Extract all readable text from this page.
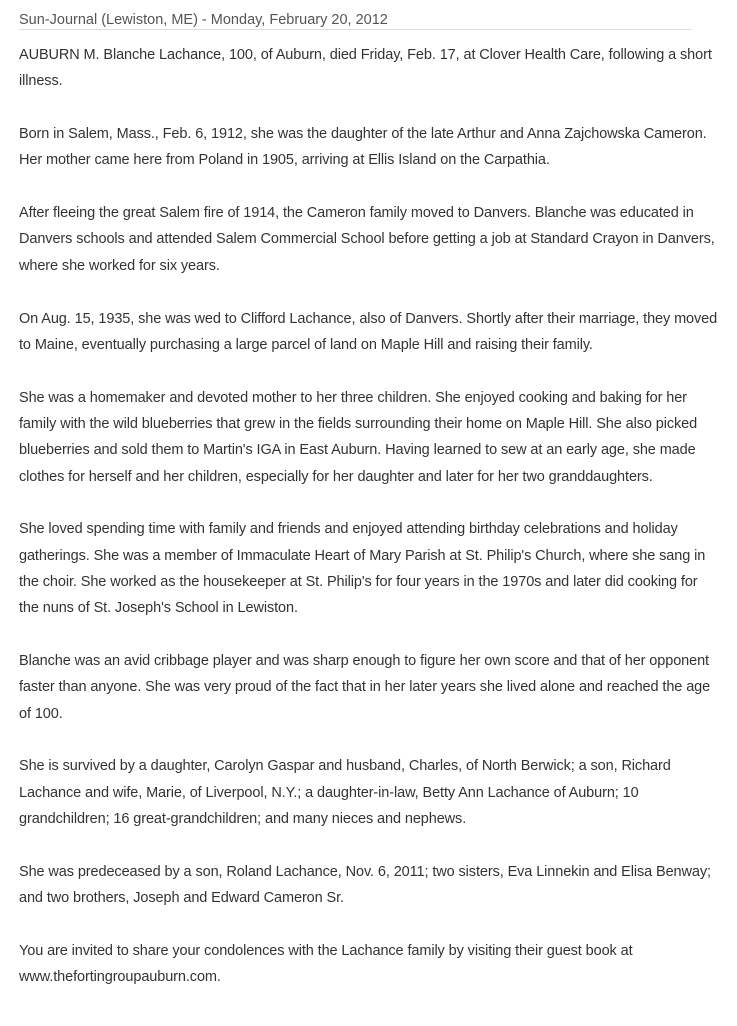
Sun-Journal (Lewiston, ME) - Monday, February 20, 2012

AUBURN M. Blanche Lachance, 100, of Auburn, died Friday, Feb. 17, at Clover Health Care, following a short illness.

Born in Salem, Mass., Feb. 6, 1912, she was the daughter of the late Arthur and Anna Zajchowska Cameron. Her mother came here from Poland in 1905, arriving at Ellis Island on the Carpathia.

After fleeing the great Salem fire of 1914, the Cameron family moved to Danvers. Blanche was educated in Danvers schools and attended Salem Commercial School before getting a job at Standard Crayon in Danvers, where she worked for six years.

On Aug. 15, 1935, she was wed to Clifford Lachance, also of Danvers. Shortly after their marriage, they moved to Maine, eventually purchasing a large parcel of land on Maple Hill and raising their family.

She was a homemaker and devoted mother to her three children. She enjoyed cooking and baking for her family with the wild blueberries that grew in the fields surrounding their home on Maple Hill. She also picked blueberries and sold them to Martin's IGA in East Auburn. Having learned to sew at an early age, she made clothes for herself and her children, especially for her daughter and later for her two granddaughters.

She loved spending time with family and friends and enjoyed attending birthday celebrations and holiday gatherings. She was a member of Immaculate Heart of Mary Parish at St. Philip's Church, where she sang in the choir. She worked as the housekeeper at St. Philip's for four years in the 1970s and later did cooking for the nuns of St. Joseph's School in Lewiston.

Blanche was an avid cribbage player and was sharp enough to figure her own score and that of her opponent faster than anyone. She was very proud of the fact that in her later years she lived alone and reached the age of 100.

She is survived by a daughter, Carolyn Gaspar and husband, Charles, of North Berwick; a son, Richard Lachance and wife, Marie, of Liverpool, N.Y.; a daughter-in-law, Betty Ann Lachance of Auburn; 10 grandchildren; 16 great-grandchildren; and many nieces and nephews.

She was predeceased by a son, Roland Lachance, Nov. 6, 2011; two sisters, Eva Linnekin and Elisa Benway; and two brothers, Joseph and Edward Cameron Sr.

You are invited to share your condolences with the Lachance family by visiting their guest book at www.thefortingroupauburn.com.
